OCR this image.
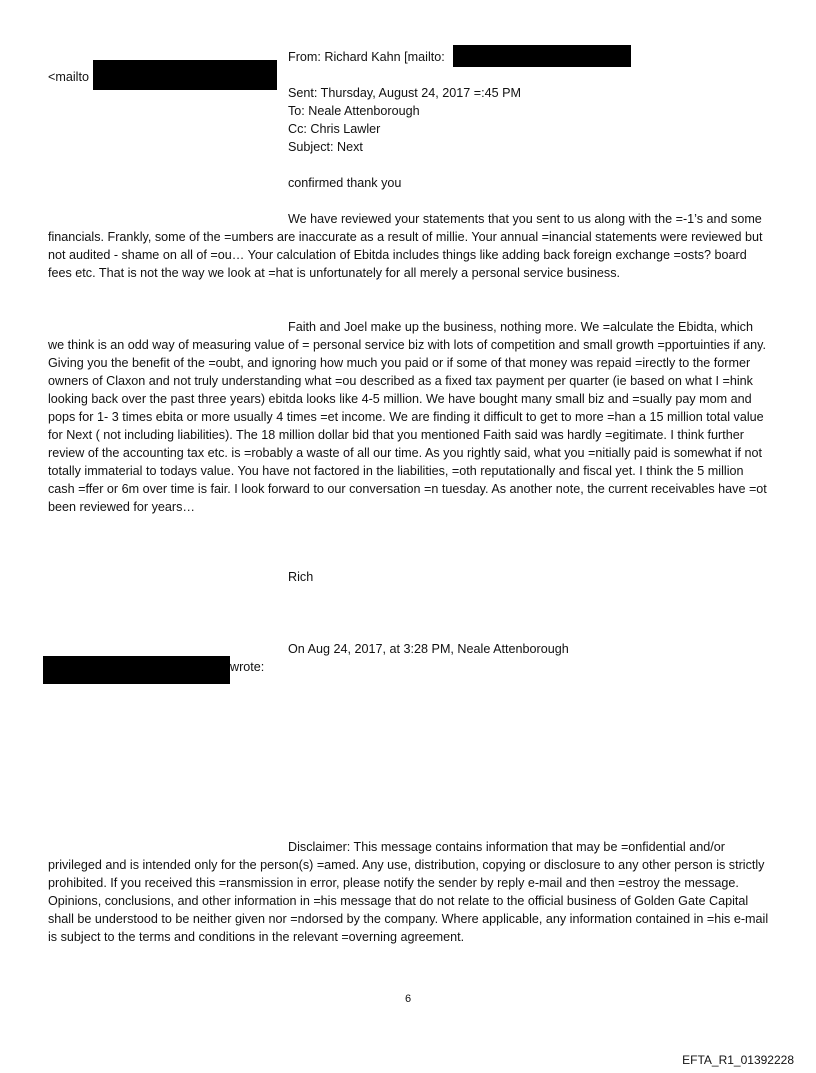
From: Richard Kahn [mailto:
<mailto
Sent: Thursday, August 24, 2017 =:45 PM
To: Neale Attenborough
Cc: Chris Lawler
Subject: Next
confirmed thank you
We have reviewed your statements that you sent to us along with the =-1’s and some financials. Frankly, some of the =umbers are inaccurate as a result of millie. Your annual =inancial statements were reviewed but not audited - shame on all of =ou… Your calculation of Ebitda includes things like adding back foreign exchange =osts? board fees etc. That is not the way we look at =hat is unfortunately for all merely a personal service business.
Faith and Joel make up the business, nothing more. We =alculate the Ebidta, which we think is an odd way of measuring value of = personal service biz with lots of competition and small growth =pportuinties if any. Giving you the benefit of the =oubt, and ignoring how much you paid or if some of that money was repaid =irectly to the former owners of Claxon and not truly understanding what =ou described as a fixed tax payment per quarter (ie based on what I =hink looking back over the past three years) ebitda looks like 4-5 million. We have bought many small biz and =sually pay mom and pops for 1- 3 times ebita or more usually 4 times =et income. We are finding it difficult to get to more =han a 15 million total value for Next ( not including liabilities). The 18 million dollar bid that you mentioned Faith said was hardly =egitimate. I think further review of the accounting tax etc. is =robably a waste of all our time. As you rightly said, what you =nitially paid is somewhat if not totally immaterial to todays value. You have not factored in the liabilities, =oth reputationally and fiscal yet. I think the 5 million cash =ffer or 6m over time is fair. I look forward to our conversation =n tuesday. As another note, the current receivables have =ot been reviewed for years…
Rich
On Aug 24, 2017, at 3:28 PM, Neale Attenborough
wrote:
Disclaimer: This message contains information that may be =onfidential and/or privileged and is intended only for the person(s) =amed. Any use, distribution, copying or disclosure to any other person is strictly prohibited. If you received this =ransmission in error, please notify the sender by reply e-mail and then =estroy the message. Opinions, conclusions, and other information in =his message that do not relate to the official business of Golden Gate Capital shall be understood to be neither given nor =ndorsed by the company. Where applicable, any information contained in =his e-mail is subject to the terms and conditions in the relevant =overning agreement.
6
EFTA_R1_01392228
